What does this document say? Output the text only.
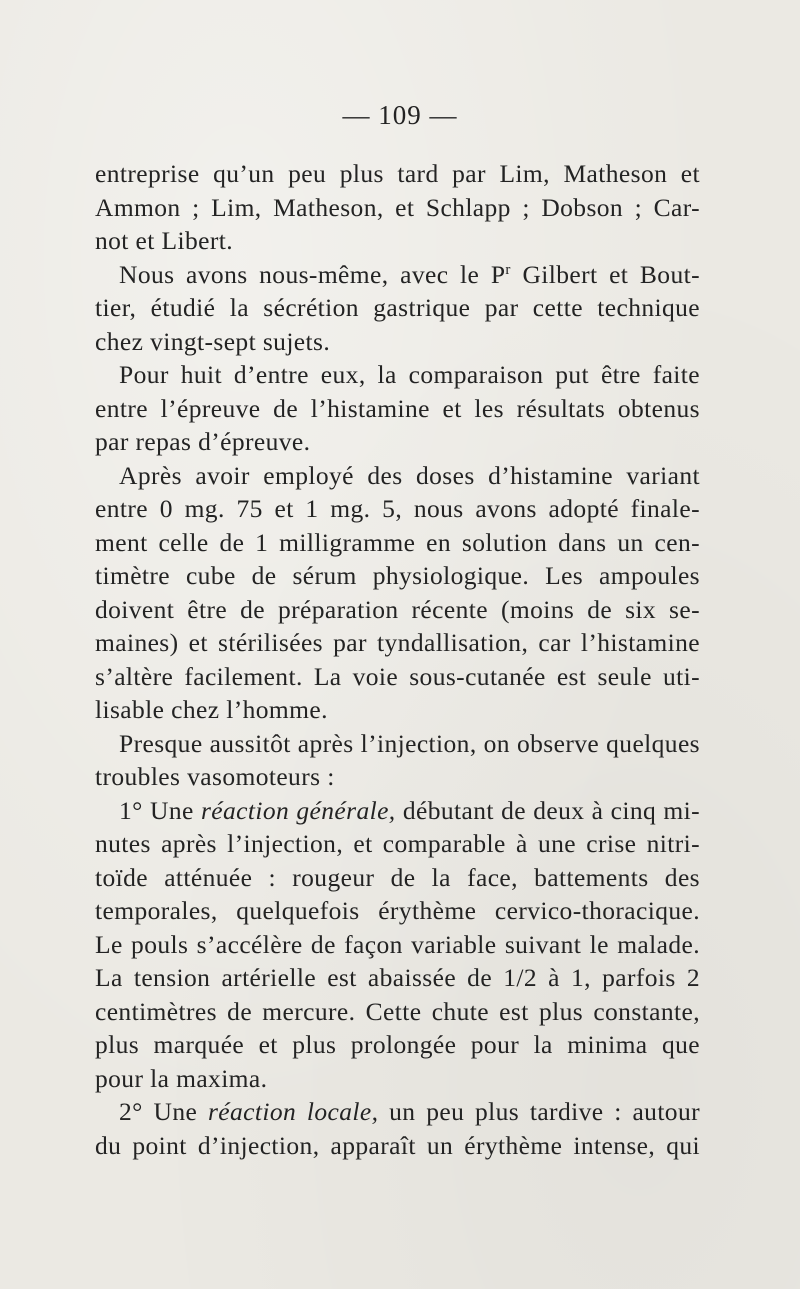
— 109 —
entreprise qu’un peu plus tard par Lim, Matheson et
Ammon ; Lim, Matheson, et Schlapp ; Dobson ; Car-
not et Libert.
Nous avons nous-même, avec le $P^r$ Gilbert et Bout-
tier, étudié la sécrétion gastrique par cette technique
chez vingt-sept sujets.
Pour huit d’entre eux, la comparaison put être faite
entre l’épreuve de l’histamine et les résultats obtenus
par repas d’épreuve.
Après avoir employé des doses d’histamine variant
entre 0 mg. 75 et 1 mg. 5, nous avons adopté finale-
ment celle de 1 milligramme en solution dans un cen-
timètre cube de sérum physiologique. Les ampoules
doivent être de préparation récente (moins de six se-
maines) et stérilisées par tyndallisation, car l’histamine
s’altère facilement. La voie sous-cutanée est seule uti-
lisable chez l’homme.
Presque aussitôt après l’injection, on observe quelques
troubles vasomoteurs :
1° Une réaction générale, débutant de deux à cinq mi-
nutes après l’injection, et comparable à une crise nitri-
toïde atténuée : rougeur de la face, battements des
temporales, quelquefois érythème cervico-thoracique.
Le pouls s’accélère de façon variable suivant le malade.
La tension artérielle est abaissée de 1/2 à 1, parfois 2
centimètres de mercure. Cette chute est plus constante,
plus marquée et plus prolongée pour la minima que
pour la maxima.
2° Une réaction locale, un peu plus tardive : autour
du point d’injection, apparaît un érythème intense, qui
